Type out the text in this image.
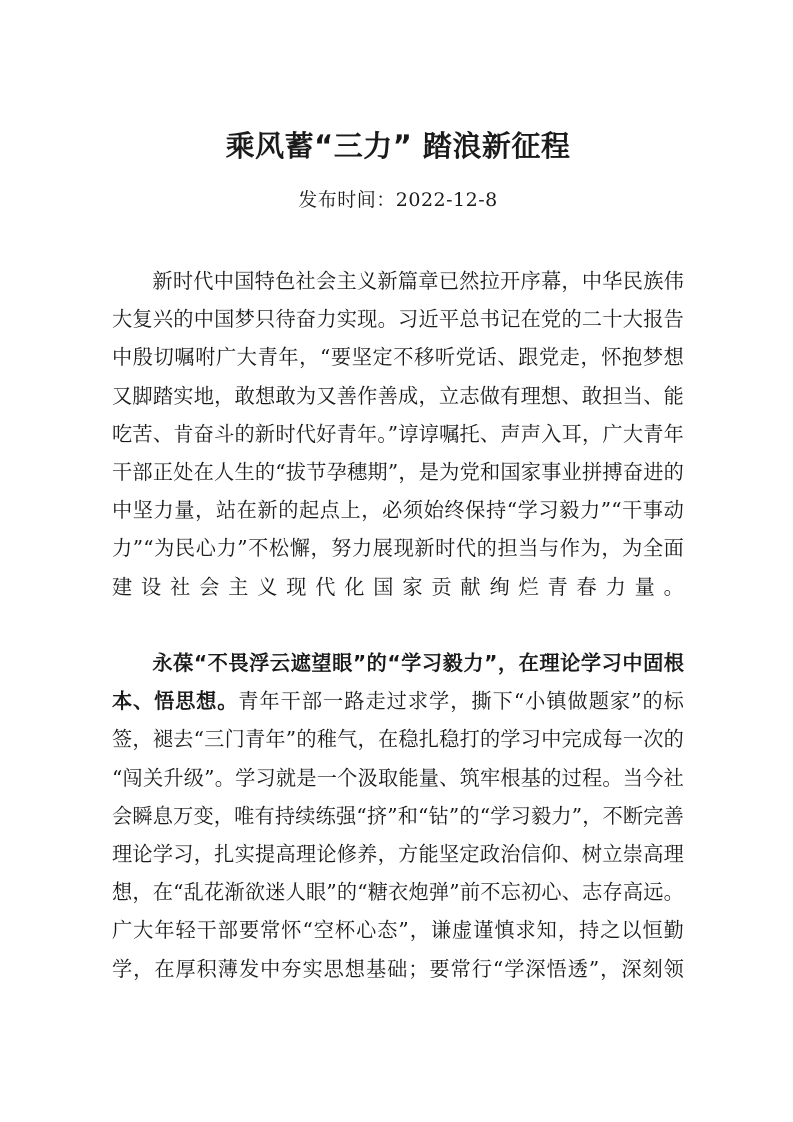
乘风蓄“三力” 踏浪新征程
发布时间：2022-12-8

新时代中国特色社会主义新篇章已然拉开序幕，中华民族伟大复兴的中国梦只待奋力实现。习近平总书记在党的二十大报告中殷切嘱咐广大青年，“要坚定不移听党话、跟党走，怀抱梦想又脚踏实地，敢想敢为又善作善成，立志做有理想、敢担当、能吃苦、肯奋斗的新时代好青年。”谆谆嘱托、声声入耳，广大青年干部正处在人生的“拔节孕穗期”，是为党和国家事业拼搏奋进的中坚力量，站在新的起点上，必须始终保持“学习毅力”“干事动力”“为民心力”不松懈，努力展现新时代的担当与作为，为全面建设社会主义现代化国家贡献绚烂青春力量。

永葆“不畏浮云遮望眼”的“学习毅力”，在理论学习中固根本、悟思想。青年干部一路走过求学，撕下“小镇做题家”的标签，褪去“三门青年”的稚气，在稳扎稳打的学习中完成每一次的“闯关升级”。学习就是一个汲取能量、筑牢根基的过程。当今社会瞬息万变，唯有持续练强“挤”和“钻”的“学习毅力”，不断完善理论学习，扎实提高理论修养，方能坚定政治信仰、树立崇高理想，在“乱花渐欲迷人眼”的“糖衣炮弹”前不忘初心、志存高远。广大年轻干部要常怀“空杯心态”，谦虚谨慎求知，持之以恒勤学，在厚积薄发中夯实思想基础；要常行“学深悟透”，深刻领
